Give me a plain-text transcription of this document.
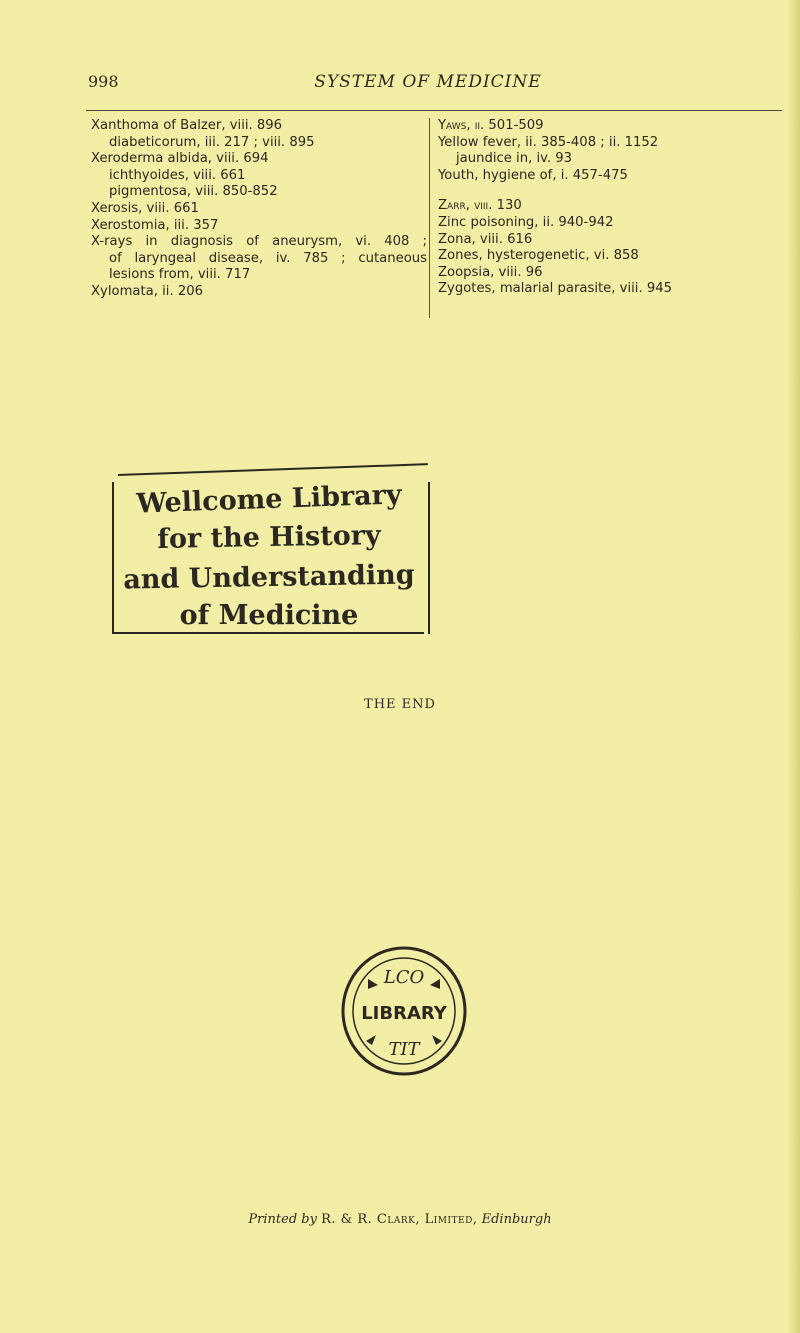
998	SYSTEM OF MEDICINE

Xanthoma of Balzer, viii. 896

diabeticorum, iii. 217 ; viii. 895

Xeroderma albida, viii. 694

ichthyoides, viii. 661

pigmentosa, viii. 850-852

Xerosis, viii. 661

Xerostomia, iii. 357

X-rays in diagnosis of aneurysm, vi. 408 ;

of laryngeal disease, iv. 785 ; cutaneous

lesions from, viii. 717

Xylomata, ii. 206

Yaws, ii. 501-509

Yellow fever, ii. 385-408 ; ii. 1152

jaundice in, iv. 93

Youth, hygiene of, i. 457-475

Zarr, viii. 130

Zinc poisoning, ii. 940-942

Zona, viii. 616

Zones, hysterogenetic, vi. 858

Zoopsia, viii. 96

Zygotes, malarial parasite, viii. 945

Wellcome Library
for the History
and Understanding
of Medicine
THE END
LCO
LIBRARY
TIT
Printed by R. & R. Clark, Limited, Edinburgh
